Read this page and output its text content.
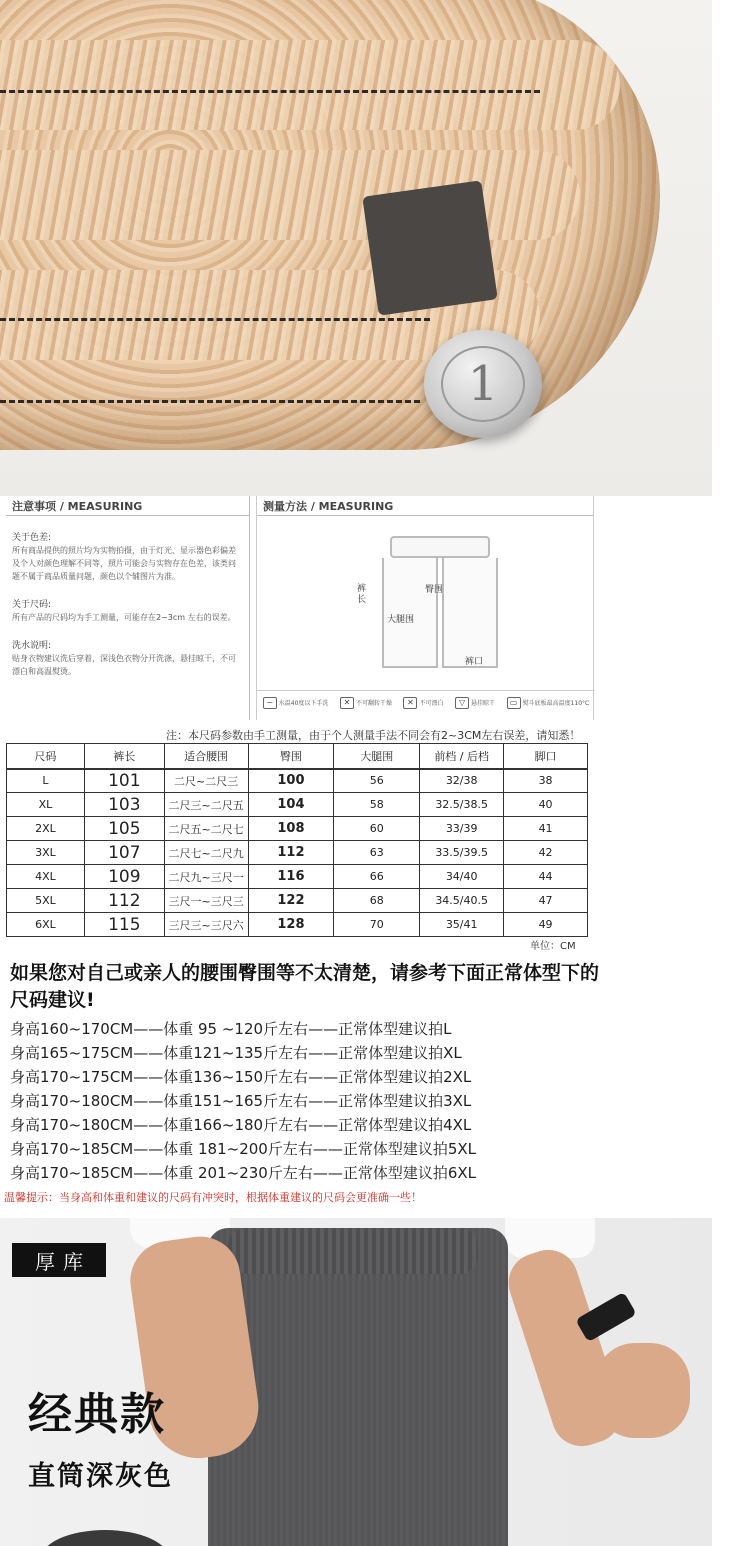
1
注意事项 / MEASURING
关于色差:
所有商品提供的照片均为实物拍摄，由于灯光、显示器色彩偏差及个人对颜色理解不同等，照片可能会与实物存在色差，该类问题不属于商品质量问题，颜色以个辅图片为准。
关于尺码:
所有产品的尺码均为手工测量，可能存在2~3cm 左右的误差。
洗水说明:
贴身衣物建议洗后穿着，深浅色衣物分开洗涤，悬挂晾干，不可漂白和高温熨烫。
测量方法 / MEASURING
裤长
臀围
大腿围
裤口
~ 水温40度以下手洗	✕ 不可翻转干燥	✕ 不可漂白	▽ 悬挂晾干	▭ 熨斗底板最高温度110°C
注：本尺码参数由手工测量，由于个人测量手法不同会有2~3CM左右误差，请知悉！
尺码	裤长	适合腰围	臀围	大腿围	前档 / 后档	脚口
L	101	二尺~二尺三	100	56	32/38	38
XL	103	二尺三~二尺五	104	58	32.5/38.5	40
2XL	105	二尺五~二尺七	108	60	33/39	41
3XL	107	二尺七~二尺九	112	63	33.5/39.5	42
4XL	109	二尺九~三尺一	116	66	34/40	44
5XL	112	三尺一~三尺三	122	68	34.5/40.5	47
6XL	115	三尺三~三尺六	128	70	35/41	49
单位：CM
如果您对自己或亲人的腰围臀围等不太清楚，请参考下面正常体型下的尺码建议!
身高160~170CM——体重 95 ~120斤左右——正常体型建议拍L
身高165~175CM——体重121~135斤左右——正常体型建议拍XL
身高170~175CM——体重136~150斤左右——正常体型建议拍2XL
身高170~180CM——体重151~165斤左右——正常体型建议拍3XL
身高170~180CM——体重166~180斤左右——正常体型建议拍4XL
身高170~185CM——体重 181~200斤左右——正常体型建议拍5XL
身高170~185CM——体重 201~230斤左右——正常体型建议拍6XL
温馨提示：当身高和体重和建议的尺码有冲突时，根据体重建议的尺码会更准确一些！
厚库
经典款
直筒深灰色
